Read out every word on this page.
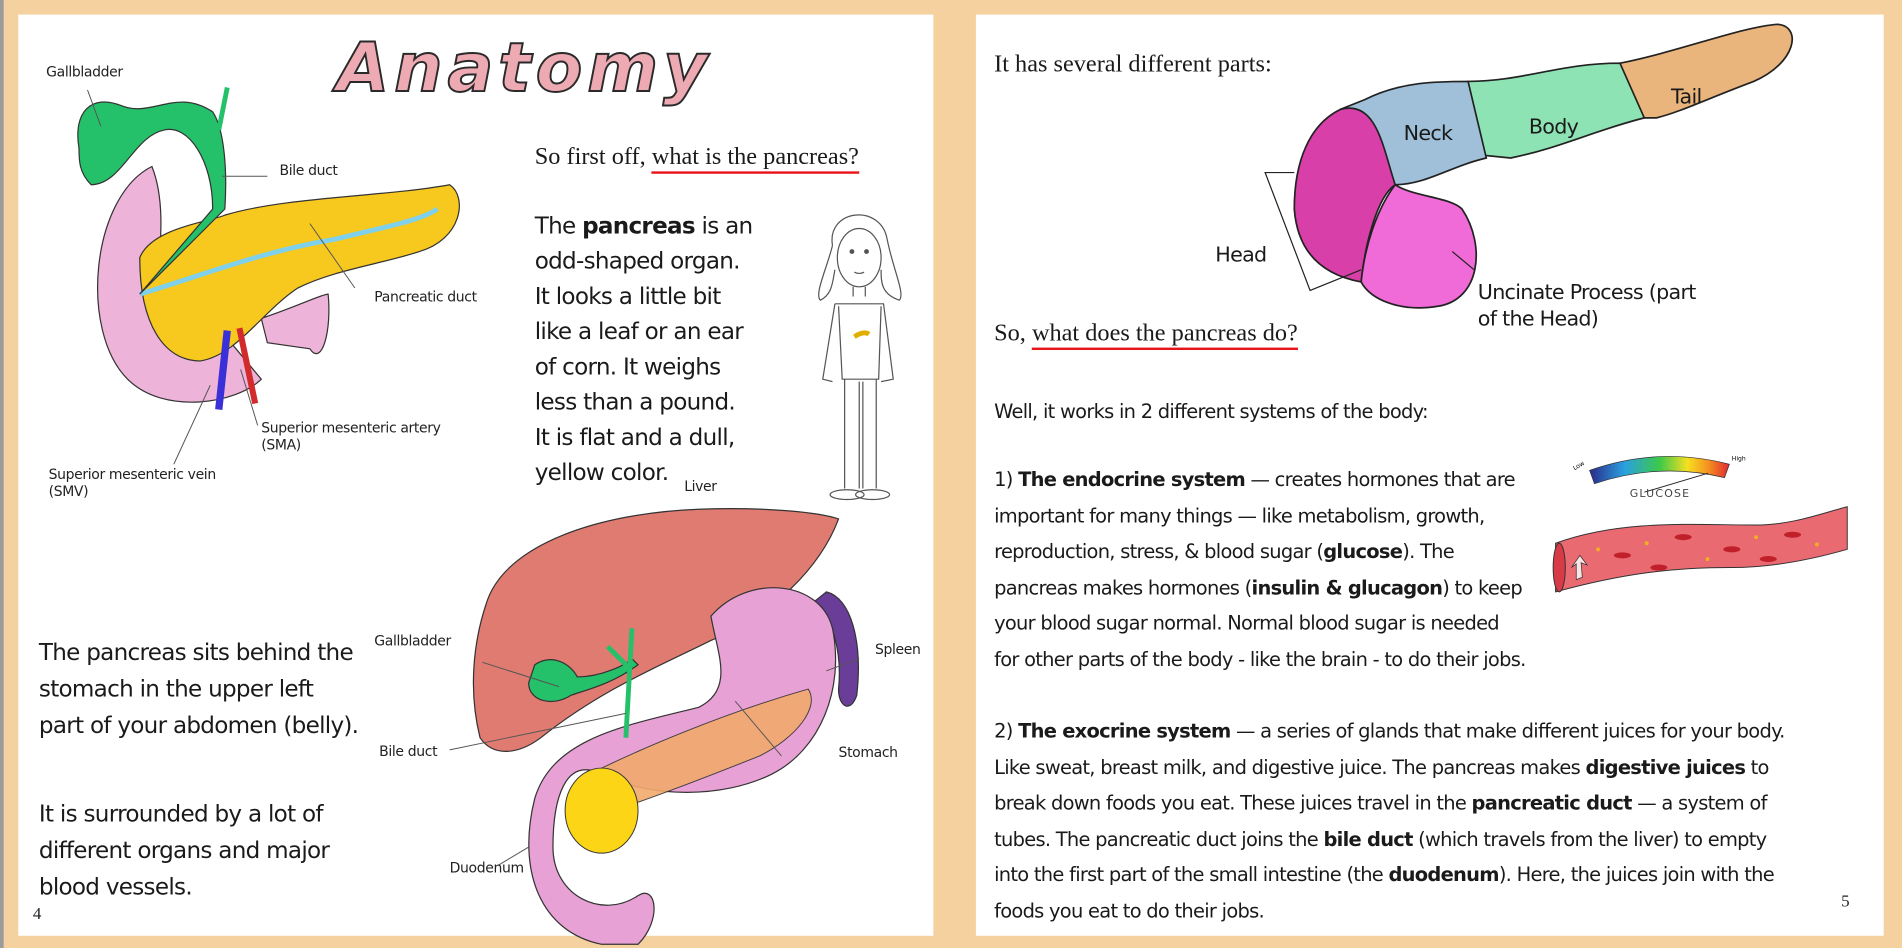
Anatomy
Gallbladder
Bile duct
Pancreatic duct
Superior mesenteric artery
(SMA)
Superior mesenteric vein
(SMV)
So first off, what is the pancreas?
The pancreas is an
odd-shaped organ.
It looks a little bit
like a leaf or an ear
of corn. It weighs
less than a pound.
It is flat and a dull,
yellow color.	Liver
Gallbladder	Spleen
Bile duct	Stomach
Duodenum
The pancreas sits behind the
stomach in the upper left
part of your abdomen (belly).
It is surrounded by a lot of
different organs and major
blood vessels.
4
It has several different parts:
Head
Neck	Body
Tail
Uncinate Process (part
of the Head)
So, what does the pancreas do?
Well, it works in 2 different systems of the body:
1) The endocrine system — creates hormones that are
important for many things — like metabolism, growth,
reproduction, stress, & blood sugar (glucose). The
pancreas makes hormones (insulin & glucagon) to keep
your blood sugar normal. Normal blood sugar is needed
for other parts of the body - like the brain - to do their jobs.
2) The exocrine system — a series of glands that make different juices for your body.
Like sweat, breast milk, and digestive juice. The pancreas makes digestive juices to
break down foods you eat. These juices travel in the pancreatic duct — a system of
tubes. The pancreatic duct joins the bile duct (which travels from the liver) to empty
into the first part of the small intestine (the duodenum). Here, the juices join with the
foods you eat to do their jobs.
Low
High
GLUCOSE
5
